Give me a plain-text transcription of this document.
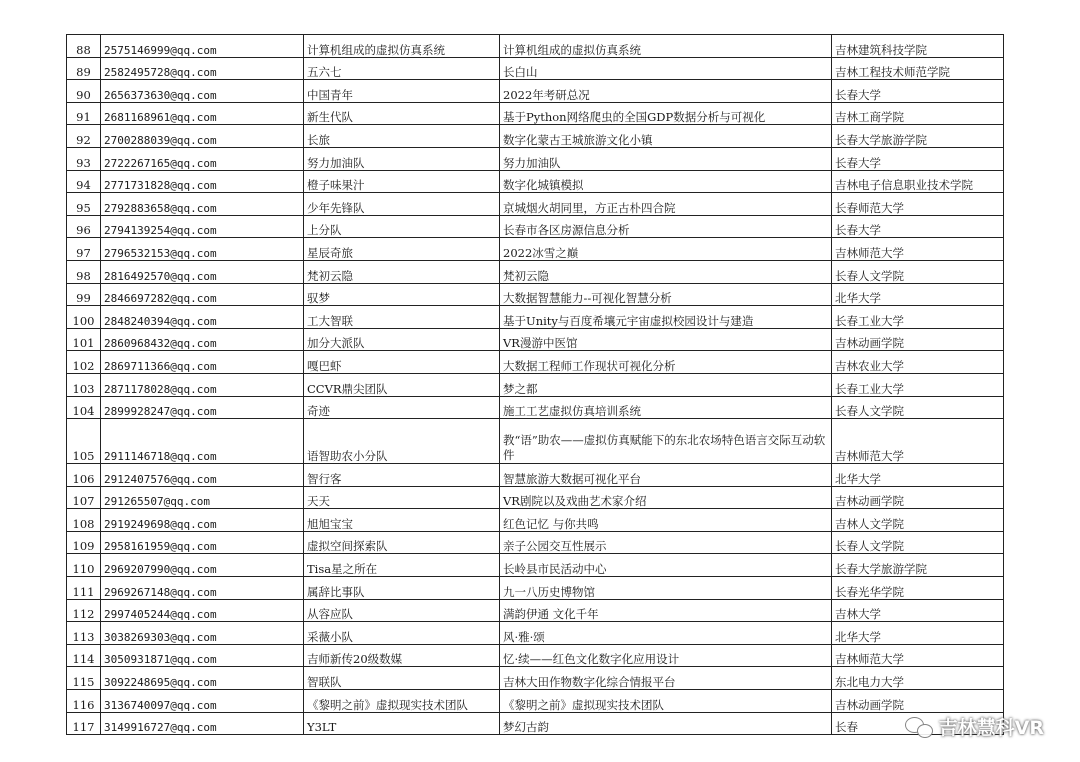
88	2575146999@qq.com	计算机组成的虚拟仿真系统	计算机组成的虚拟仿真系统	吉林建筑科技学院
89	2582495728@qq.com	五六七	长白山	吉林工程技术师范学院
90	2656373630@qq.com	中国青年	2022年考研总况	长春大学
91	2681168961@qq.com	新生代队	基于Python网络爬虫的全国GDP数据分析与可视化	吉林工商学院
92	2700288039@qq.com	长旅	数字化蒙古王城旅游文化小镇	长春大学旅游学院
93	2722267165@qq.com	努力加油队	努力加油队	长春大学
94	2771731828@qq.com	橙子味果汁	数字化城镇模拟	吉林电子信息职业技术学院
95	2792883658@qq.com	少年先锋队	京城烟火胡同里，方正古朴四合院	长春师范大学
96	2794139254@qq.com	上分队	长春市各区房源信息分析	长春大学
97	2796532153@qq.com	星辰奇旅	2022冰雪之巅	吉林师范大学
98	2816492570@qq.com	梵初云隐	梵初云隐	长春人文学院
99	2846697282@qq.com	驭梦	大数据智慧能力--可视化智慧分析	北华大学
100	2848240394@qq.com	工大智联	基于Unity与百度希壤元宇宙虚拟校园设计与建造	长春工业大学
101	2860968432@qq.com	加分大派队	VR漫游中医馆	吉林动画学院
102	2869711366@qq.com	嘎巴虾	大数据工程师工作现状可视化分析	吉林农业大学
103	2871178028@qq.com	CCVR鼎尖团队	梦之都	长春工业大学
104	2899928247@qq.com	奇迹	施工工艺虚拟仿真培训系统	长春人文学院
105	2911146718@qq.com	语智助农小分队	教“语”助农——虚拟仿真赋能下的东北农场特色语言交际互动软件	吉林师范大学
106	2912407576@qq.com	智行客	智慧旅游大数据可视化平台	北华大学
107	291265507@qq.com	天天	VR剧院以及戏曲艺术家介绍	吉林动画学院
108	2919249698@qq.com	旭旭宝宝	红色记忆 与你共鸣	吉林人文学院
109	2958161959@qq.com	虚拟空间探索队	亲子公园交互性展示	长春人文学院
110	2969207990@qq.com	Tisa星之所在	长岭县市民活动中心	长春大学旅游学院
111	2969267148@qq.com	属辞比事队	九一八历史博物馆	长春光华学院
112	2997405244@qq.com	从容应队	满韵伊通 文化千年	吉林大学
113	3038269303@qq.com	采薇小队	风·雅·颂	北华大学
114	3050931871@qq.com	吉师新传20级数媒	忆·续——红色文化数字化应用设计	吉林师范大学
115	3092248695@qq.com	智联队	吉林大田作物数字化综合情报平台	东北电力大学
116	3136740097@qq.com	《黎明之前》虚拟现实技术团队	《黎明之前》虚拟现实技术团队	吉林动画学院
117	3149916727@qq.com	Y3LT	梦幻古韵	长春	吉林慧科VR
